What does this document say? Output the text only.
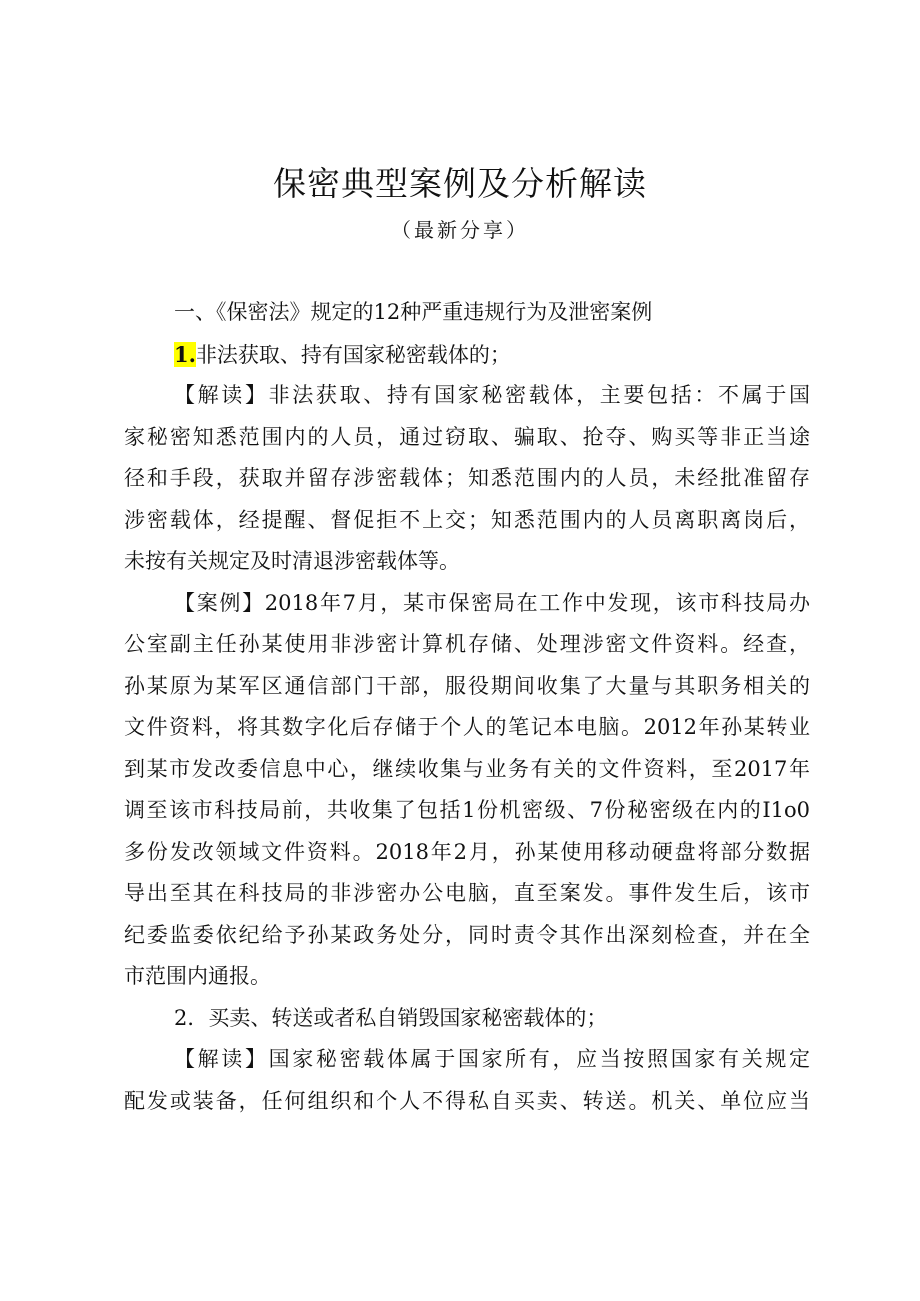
保密典型案例及分析解读
（最新分享）
一、《保密法》规定的12种严重违规行为及泄密案例
1.非法获取、持有国家秘密载体的；
【解读】非法获取、持有国家秘密载体，主要包括：不属于国
家秘密知悉范围内的人员，通过窃取、骗取、抢夺、购买等非正当途
径和手段，获取并留存涉密载体；知悉范围内的人员，未经批准留存
涉密载体，经提醒、督促拒不上交；知悉范围内的人员离职离岗后，
未按有关规定及时清退涉密载体等。
【案例】2018年7月，某市保密局在工作中发现，该市科技局办
公室副主任孙某使用非涉密计算机存储、处理涉密文件资料。经查，
孙某原为某军区通信部门干部，服役期间收集了大量与其职务相关的
文件资料，将其数字化后存储于个人的笔记本电脑。2012年孙某转业
到某市发改委信息中心，继续收集与业务有关的文件资料，至2017年
调至该市科技局前，共收集了包括1份机密级、7份秘密级在内的I1o0
多份发改领域文件资料。2018年2月，孙某使用移动硬盘将部分数据
导出至其在科技局的非涉密办公电脑，直至案发。事件发生后，该市
纪委监委依纪给予孙某政务处分，同时责令其作出深刻检查，并在全
市范围内通报。
2．买卖、转送或者私自销毁国家秘密载体的；
【解读】国家秘密载体属于国家所有，应当按照国家有关规定
配发或装备，任何组织和个人不得私自买卖、转送。机关、单位应当
